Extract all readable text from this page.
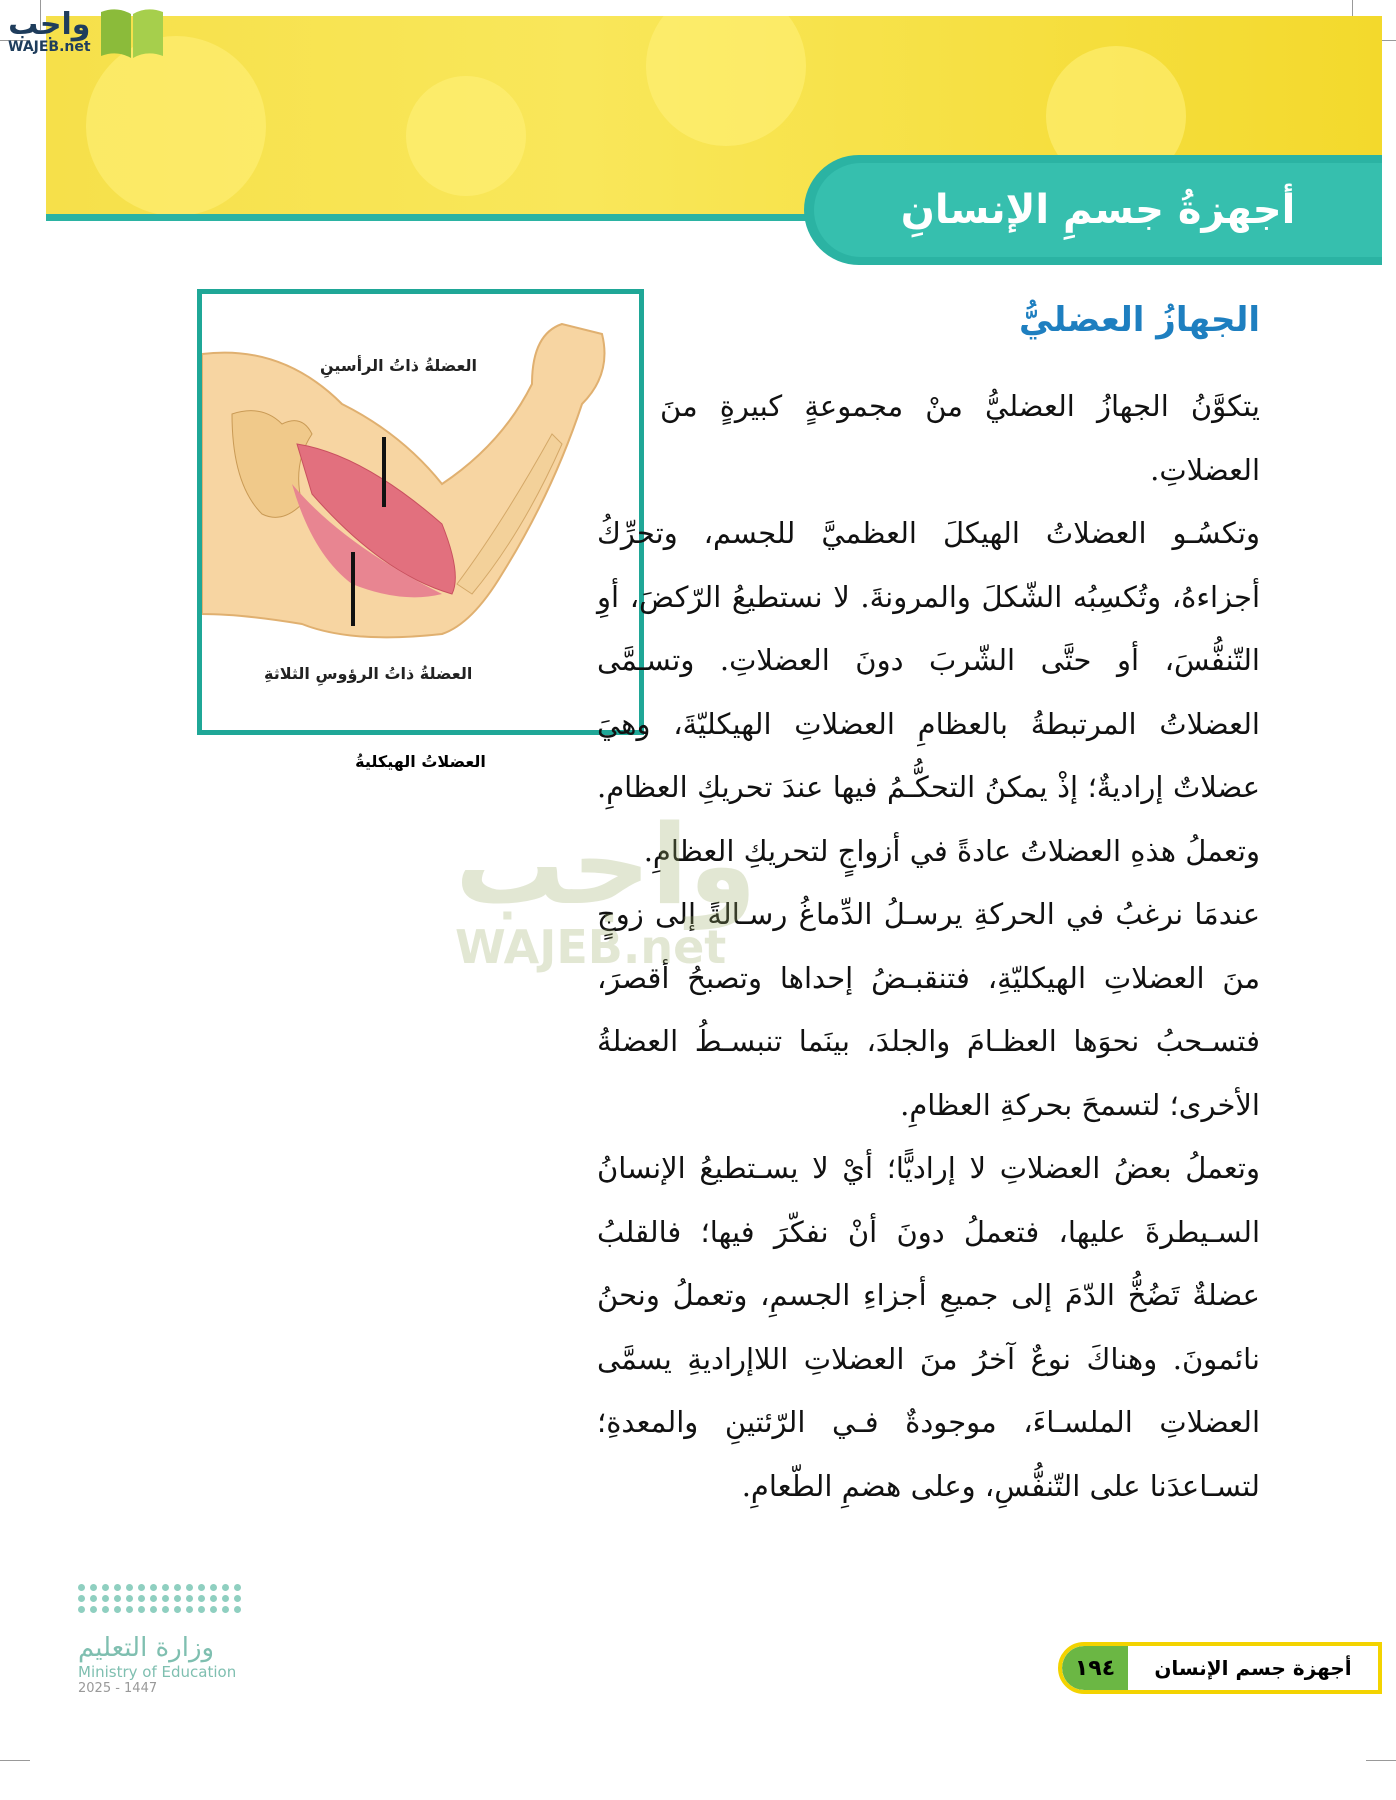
أجهزةُ جسمِ الإنسانِ
واجب
WAJEB.net
العضلةُ ذاتُ الرأسينِ
العضلةُ ذاتُ الرؤوسِ الثلاثةِ
العضلاتُ الهيكليةُ
الجهازُ العضليُّ

يتكوَّنُ الجهازُ العضليُّ منْ مجموعةٍ كبيرةٍ منَ العضلاتِ.

وتكسُـو العضلاتُ الهيكلَ العظميَّ للجسم، وتحرِّكُ أجزاءهُ، وتُكسِبُه الشّكلَ والمرونةَ. لا نستطيعُ الرّكضَ، أوِ التّنفُّسَ، أو حتَّى الشّربَ دونَ العضلاتِ. وتسـمَّى العضلاتُ المرتبطةُ بالعظامِ العضلاتِ الهيكليّةَ، وهيَ عضلاتٌ إراديةٌ؛ إذْ يمكنُ التحكُّـمُ فيها عندَ تحريكِ العظامِ. وتعملُ هذهِ العضلاتُ عادةً في أزواجٍ لتحريكِ العظامِ.

عندمَا نرغبُ في الحركةِ يرسـلُ الدِّماغُ رسـالةً إلى زوجٍ منَ العضلاتِ الهيكليّةِ، فتنقبـضُ إحداها وتصبحُ أقصرَ، فتسـحبُ نحوَها العظـامَ والجلدَ، بينَما تنبسـطُ العضلةُ الأخرى؛ لتسمحَ بحركةِ العظامِ.

وتعملُ بعضُ العضلاتِ لا إراديًّا؛ أيْ لا يسـتطيعُ الإنسانُ السـيطرةَ عليها، فتعملُ دونَ أنْ نفكّرَ فيها؛ فالقلبُ عضلةٌ تَضُخُّ الدّمَ إلى جميعِ أجزاءِ الجسمِ، وتعملُ ونحنُ نائمونَ. وهناكَ نوعٌ آخرُ منَ العضلاتِ اللاإراديةِ يسمَّى العضلاتِ الملسـاءَ، موجودةٌ فـي الرّئتينِ والمعدةِ؛ لتسـاعدَنا على التّنفُّسِ، وعلى هضمِ الطّعامِ.

واجب
WAJEB.net
١٩٤	أجهزة جسم الإنسان
وزارة التعليم
Ministry of Education
2025 - 1447
